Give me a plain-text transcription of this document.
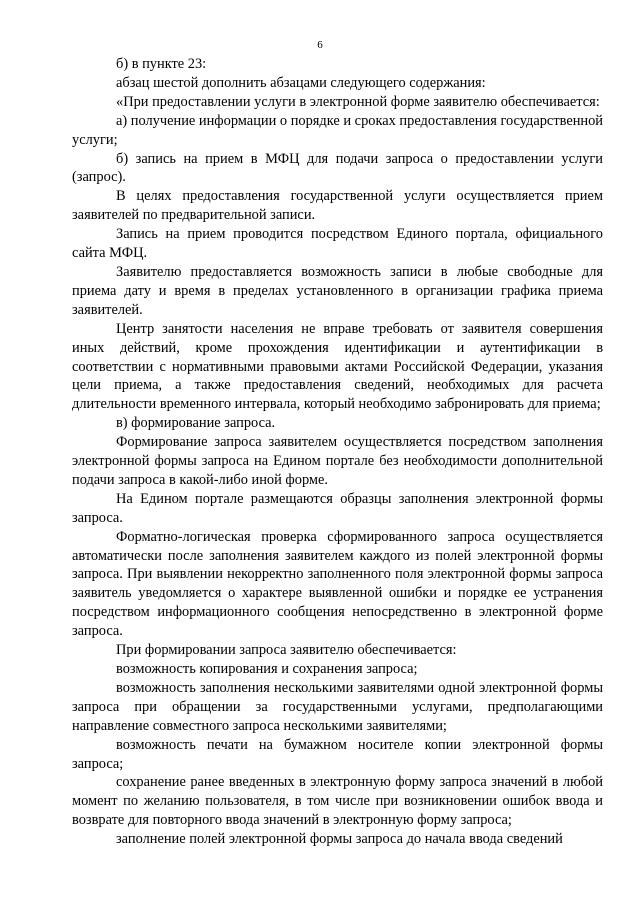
6

б) в пункте 23:

абзац шестой дополнить абзацами следующего содержания:

«При предоставлении услуги в электронной форме заявителю обеспечивается:

а) получение информации о порядке и сроках предоставления государственной услуги;

б) запись на прием в МФЦ для подачи запроса о предоставлении услуги (запрос).

В целях предоставления государственной услуги осуществляется прием заявителей по предварительной записи.

Запись на прием проводится посредством Единого портала, официального сайта МФЦ.

Заявителю предоставляется возможность записи в любые свободные для приема дату и время в пределах установленного в организации графика приема заявителей.

Центр занятости населения не вправе требовать от заявителя совершения иных действий, кроме прохождения идентификации и аутентификации в соответствии с нормативными правовыми актами Российской Федерации, указания цели приема, а также предоставления сведений, необходимых для расчета длительности временного интервала, который необходимо забронировать для приема;

в) формирование запроса.

Формирование запроса заявителем осуществляется посредством заполнения электронной формы запроса на Едином портале без необходимости дополнительной подачи запроса в какой-либо иной форме.

На Едином портале размещаются образцы заполнения электронной формы запроса.

Форматно-логическая проверка сформированного запроса осуществляется автоматически после заполнения заявителем каждого из полей электронной формы запроса. При выявлении некорректно заполненного поля электронной формы запроса заявитель уведомляется о характере выявленной ошибки и порядке ее устранения посредством информационного сообщения непосредственно в электронной форме запроса.

При формировании запроса заявителю обеспечивается:

возможность копирования и сохранения запроса;

возможность заполнения несколькими заявителями одной электронной формы запроса при обращении за государственными услугами, предполагающими направление совместного запроса несколькими заявителями;

возможность печати на бумажном носителе копии электронной формы запроса;

сохранение ранее введенных в электронную форму запроса значений в любой момент по желанию пользователя, в том числе при возникновении ошибок ввода и возврате для повторного ввода значений в электронную форму запроса;

заполнение полей электронной формы запроса до начала ввода сведений
